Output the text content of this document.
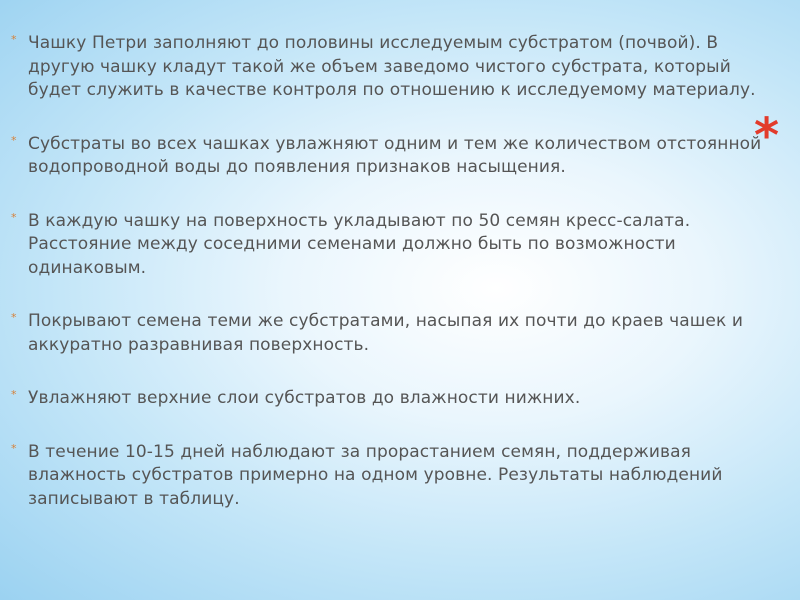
*
* Чашку Петри заполняют до половины исследуемым субстратом (почвой). В другую чашку кладут такой же объем заведомо чистого субстрата, который будет служить в качестве контроля по отношению к исследуемому материалу.
* Субстраты во всех чашках увлажняют одним и тем же количеством отстоянной водопроводной воды до появления признаков насыщения.
* В каждую чашку на поверхность укладывают по 50 семян кресс-салата. Расстояние между соседними семенами должно быть по возможности одинаковым.
* Покрывают семена теми же субстратами, насыпая их почти до краев чашек и аккуратно разравнивая поверхность.
* Увлажняют верхние слои субстратов до влажности нижних.
* В течение 10-15 дней наблюдают за прорастанием семян, поддерживая влажность субстратов примерно на одном уровне. Результаты наблюдений записывают в таблицу.
